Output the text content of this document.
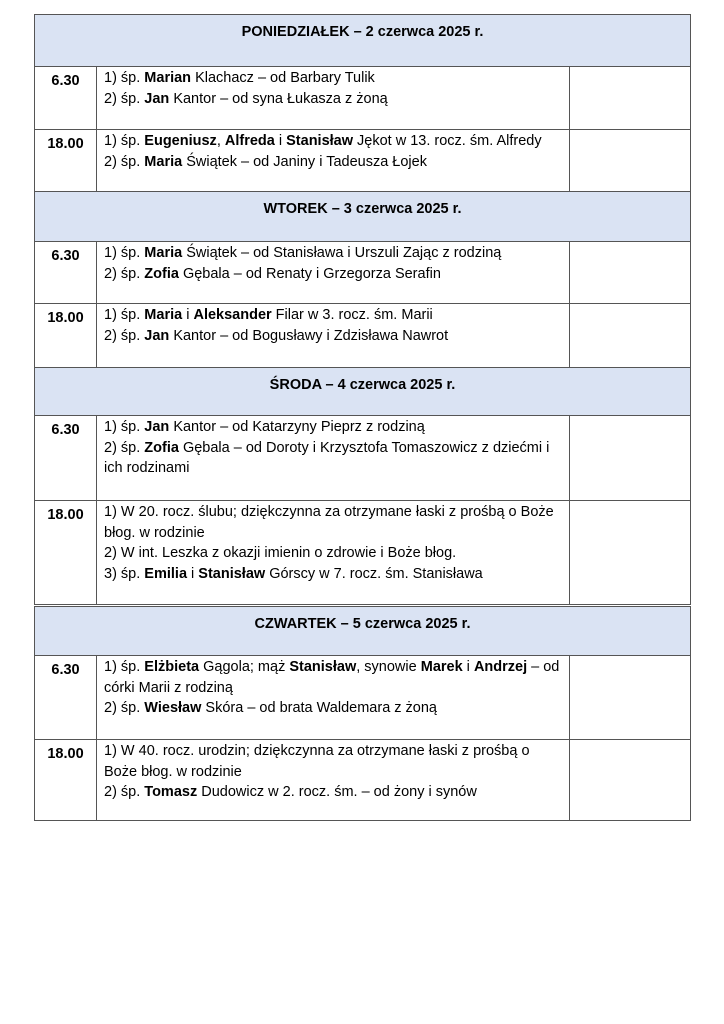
PONIEDZIAŁEK – 2 czerwca 2025 r.		
6.30	1) śp. Marian Klachacz – od Barbary Tulik
2) śp. Jan Kantor – od syna Łukasza z żoną	

18.00	1) śp. Eugeniusz, Alfreda i Stanisław Jękot w 13. rocz. śm. Alfredy
2) śp. Maria Świątek – od Janiny i Tadeusza Łojek	

WTOREK – 3 czerwca 2025 r.		
6.30	1) śp. Maria Świątek – od Stanisława i Urszuli Zając z rodziną
2) śp. Zofia Gębala – od Renaty i Grzegorza Serafin	

18.00	1) śp. Maria i Aleksander Filar w 3. rocz. śm. Marii
2) śp. Jan Kantor – od Bogusławy i Zdzisława Nawrot	

ŚRODA – 4 czerwca 2025 r.		
6.30	1) śp. Jan Kantor – od Katarzyny Pieprz z rodziną
2) śp. Zofia Gębala – od Doroty i Krzysztofa Tomaszowicz z dziećmi i ich rodzinami	

18.00	1) W 20. rocz. ślubu; dziękczynna za otrzymane łaski z prośbą o Boże błog. w rodzinie
2) W int. Leszka z okazji imienin o zdrowie i Boże błog.
3) śp. Emilia i Stanisław Górscy w 7. rocz. śm. Stanisława	

CZWARTEK – 5 czerwca 2025 r.		
6.30	1) śp. Elżbieta Gągola; mąż Stanisław, synowie Marek i Andrzej – od córki Marii z rodziną
2) śp. Wiesław Skóra – od brata Waldemara z żoną	

18.00	1) W 40. rocz. urodzin; dziękczynna za otrzymane łaski z prośbą o Boże błog. w rodzinie
2) śp. Tomasz Dudowicz w 2. rocz. śm. – od żony i synów	
